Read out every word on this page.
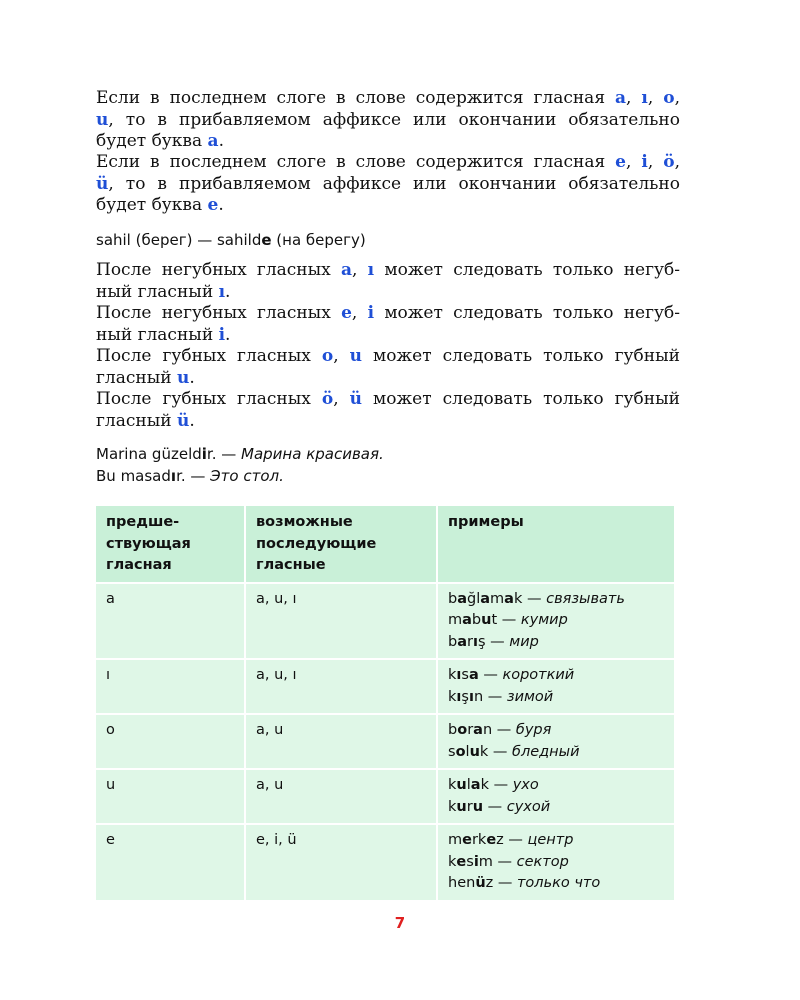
Если в последнем слоге в слове содержится гласная a, ı, o,
u, то в прибавляемом аффиксе или окончании обязательно
будет буква a.
Если в последнем слоге в слове содержится гласная e, i, ö,
ü, то в прибавляемом аффиксе или окончании обязательно
будет буква e.
sahil (берег) — sahilde (на берегу)
После негубных гласных a, ı может следовать только негуб-
ный гласный ı.
После негубных гласных e, i может следовать только негуб-
ный гласный i.
После губных гласных o, u может следовать только губный
гласный u.
После губных гласных ö, ü может следовать только губный
гласный ü.
Marina güzeldir. — Марина красивая.
Bu masadır. — Это стол.
предше-
ствующая
гласная	возможные
последующие
гласные	примеры
a	a, u, ı	bağlamak — связывать
mabut — кумир
barış — мир

ı	a, u, ı	kısa — короткий
kışın — зимой

o	a, u	boran — буря
soluk — бледный

u	a, u	kulak — ухо
kuru — сухой

e	e, i, ü	merkez — центр
kesim — сектор
henüz — только что
7
